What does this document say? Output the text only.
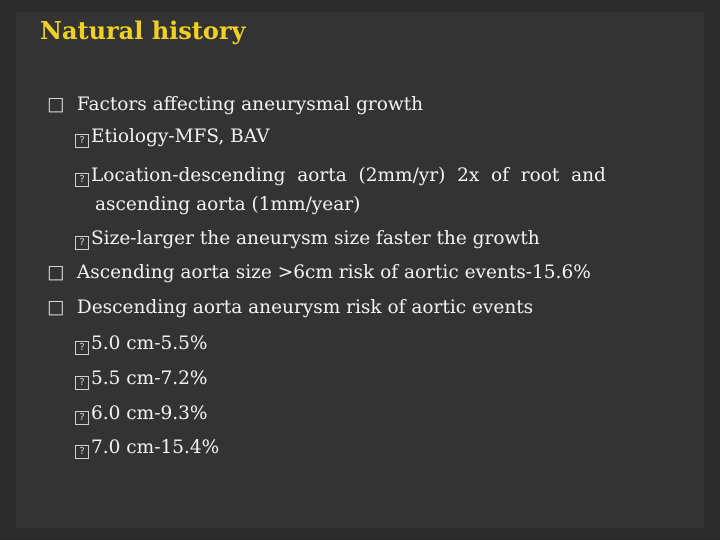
Natural history
□ Factors affecting aneurysmal growth
? Etiology-MFS, BAV
? Location-descending  aorta  (2mm/yr)  2x  of  root  and
ascending aorta (1mm/year)
? Size-larger the aneurysm size faster the growth
□ Ascending aorta size >6cm risk of aortic events-15.6%
□ Descending aorta aneurysm risk of aortic events
? 5.0 cm-5.5%
? 5.5 cm-7.2%
? 6.0 cm-9.3%
? 7.0 cm-15.4%
